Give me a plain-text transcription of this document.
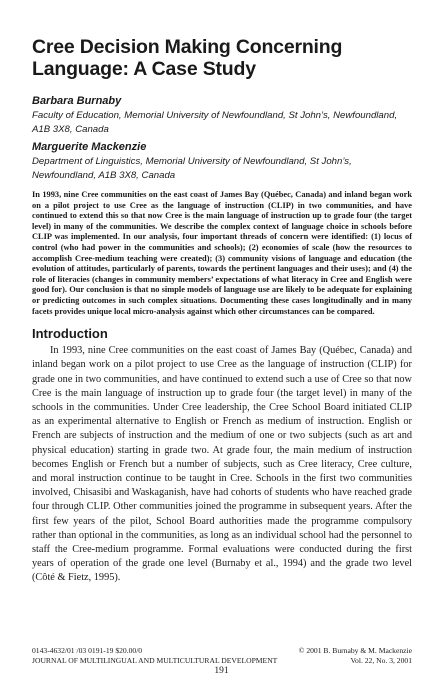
Cree Decision Making Concerning Language: A Case Study

Barbara Burnaby

Faculty of Education, Memorial University of Newfoundland, St John’s, Newfoundland, A1B 3X8, Canada

Marguerite Mackenzie

Department of Linguistics, Memorial University of Newfoundland, St John’s, Newfoundland, A1B 3X8, Canada

In 1993, nine Cree communities on the east coast of James Bay (Québec, Canada) and inland began work on a pilot project to use Cree as the language of instruction (CLIP) in two communities, and have continued to extend this so that now Cree is the main language of instruction up to grade four (the target level) in many of the communities. We describe the complex context of language choice in schools before CLIP was implemented. In our analysis, four important threads of concern were identified: (1) locus of control (who had power in the communities and schools); (2) economies of scale (how the resources to accomplish Cree-medium teaching were created); (3) community visions of language and education (the evolution of attitudes, particularly of parents, towards the pertinent languages and their uses); and (4) the role of literacies (changes in community members’ expectations of what literacy in Cree and English were good for). Our conclusion is that no simple models of language use are likely to be adequate for explaining or predicting outcomes in such complex situations. Documenting these cases longitudinally and in many facets provides unique local micro-analysis against which other circumstances can be compared.

Introduction

In 1993, nine Cree communities on the east coast of James Bay (Québec, Canada) and inland began work on a pilot project to use Cree as the language of instruction (CLIP) for grade one in two communities, and have continued to extend such a use of Cree so that now Cree is the main language of instruction up to grade four (the target level) in many of the schools in the communities. Under Cree leadership, the Cree School Board initiated CLIP as an experimental alternative to English or French as medium of instruction. English or French are subjects of instruction and the medium of one or two subjects (such as art and physical education) starting in grade two. At grade four, the main medium of instruction becomes English or French but a number of subjects, such as Cree literacy, Cree culture, and moral instruction continue to be taught in Cree. Schools in the first two communities involved, Chisasibi and Waskaganish, have had cohorts of students who have reached grade four through CLIP. Other communities joined the programme in subsequent years. After the first few years of the pilot, School Board authorities made the programme compulsory rather than optional in the communities, as long as an individual school had the personnel to staff the Cree-medium programme. Formal evaluations were conducted during the first years of operation of the grade one level (Burnaby et al., 1994) and the grade two level (Côté & Fietz, 1995).

0143-4632/01 /03 0191-19 $20.00/0	© 2001 B. Burnaby & M. Mackenzie
JOURNAL OF MULTILINGUAL AND MULTICULTURAL DEVELOPMENT	Vol. 22, No. 3, 2001
191
